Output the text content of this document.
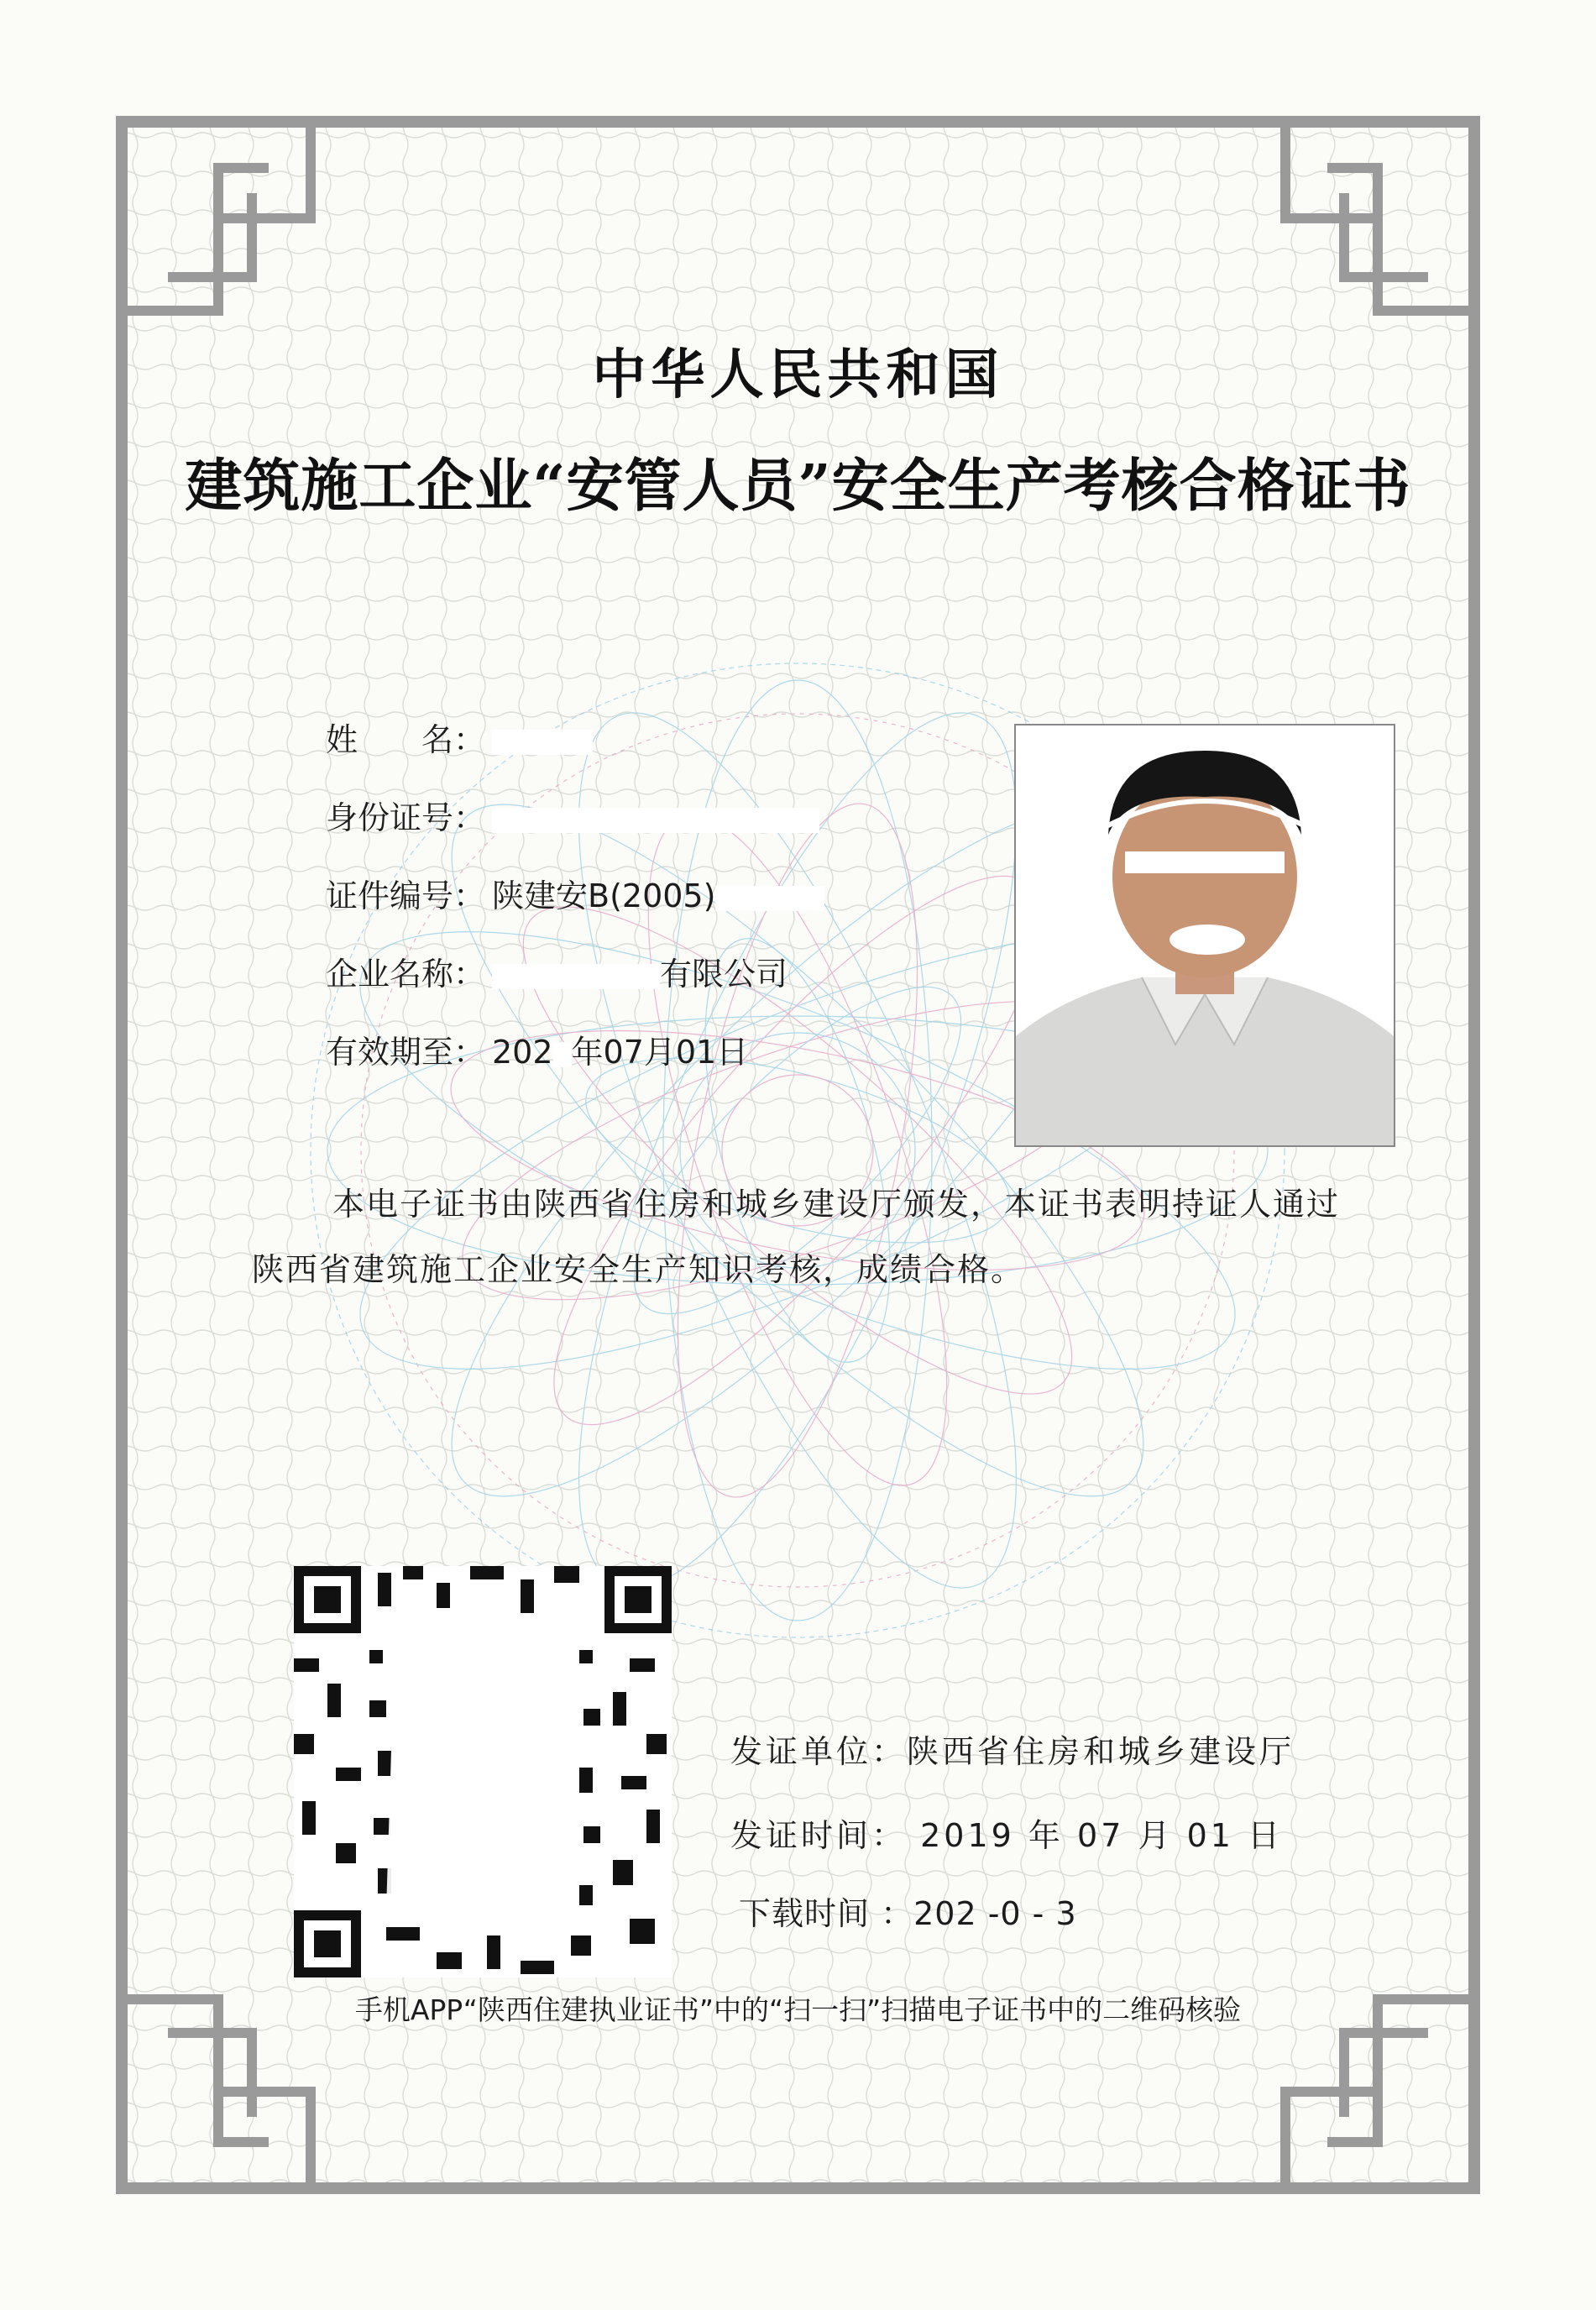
中华人民共和国
建筑施工企业“安管人员”安全生产考核合格证书
姓　　名：
身份证号：
证件编号： 陕建安B(2005)
企业名称：	有限公司
有效期至： 202 年07月01日
本电子证书由陕西省住房和城乡建设厅颁发，本证书表明持证人通过陕西省建筑施工企业安全生产知识考核，成绩合格。
发证单位：陕西省住房和城乡建设厅
发证时间： 2019 年 07 月 01 日
下载时间 ：202 -0 - 3
手机APP“陕西住建执业证书”中的“扫一扫”扫描电子证书中的二维码核验
